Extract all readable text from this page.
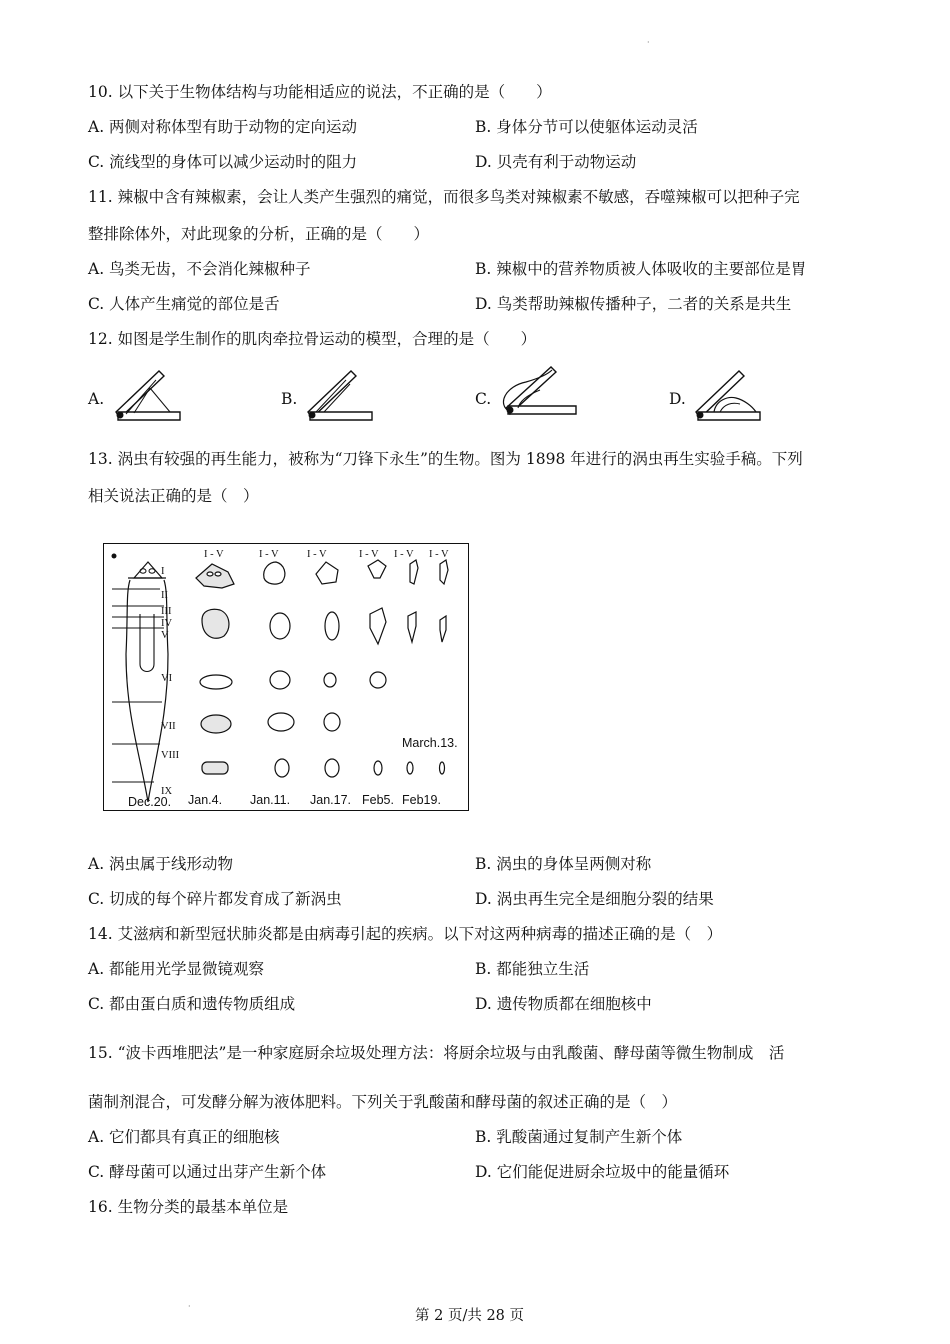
·
·
10. 以下关于生物体结构与功能相适应的说法，不正确的是（　　）
A. 两侧对称体型有助于动物的定向运动	B. 身体分节可以使躯体运动灵活
C. 流线型的身体可以减少运动时的阻力	D. 贝壳有利于动物运动
11. 辣椒中含有辣椒素，会让人类产生强烈的痛觉，而很多鸟类对辣椒素不敏感，吞噬辣椒可以把种子完
整排除体外，对此现象的分析，正确的是（　　）
A. 鸟类无齿，不会消化辣椒种子	B. 辣椒中的营养物质被人体吸收的主要部位是胃
C. 人体产生痛觉的部位是舌	D. 鸟类帮助辣椒传播种子，二者的关系是共生
12. 如图是学生制作的肌肉牵拉骨运动的模型，合理的是（　　）
A.	B.	C.	D.
13. 涡虫有较强的再生能力，被称为“刀锋下永生”的生物。图为 1898 年进行的涡虫再生实验手稿。下列
相关说法正确的是（　）
I
II
III
IV
V
VI
VII
VIII
IX
I - V	I - V	I - V	I - V I - V I - V
March.13.
Dec.20. Jan.4. Jan.11. Jan.17. Feb5. Feb19.
A. 涡虫属于线形动物	B. 涡虫的身体呈两侧对称
C. 切成的每个碎片都发育成了新涡虫	D. 涡虫再生完全是细胞分裂的结果
14. 艾滋病和新型冠状肺炎都是由病毒引起的疾病。以下对这两种病毒的描述正确的是（　）
A. 都能用光学显微镜观察	B. 都能独立生活
C. 都由蛋白质和遗传物质组成	D. 遗传物质都在细胞核中
15. “波卡西堆肥法”是一种家庭厨余垃圾处理方法：将厨余垃圾与由乳酸菌、酵母菌等微生物制成　活
菌制剂混合，可发酵分解为液体肥料。下列关于乳酸菌和酵母菌的叙述正确的是（　）
A. 它们都具有真正的细胞核	B. 乳酸菌通过复制产生新个体
C. 酵母菌可以通过出芽产生新个体	D. 它们能促进厨余垃圾中的能量循环
16. 生物分类的最基本单位是
第 2 页/共 28 页
